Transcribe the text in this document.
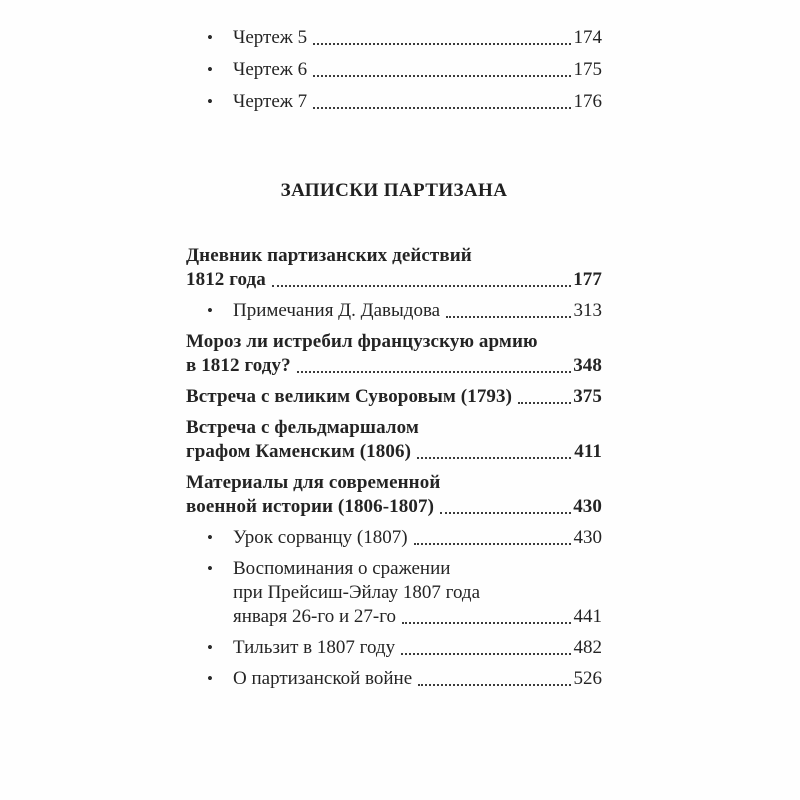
•	Чертеж 5	174
•	Чертеж 6	175
•	Чертеж 7	176
ЗАПИСКИ ПАРТИЗАНА
Дневник партизанских действий
1812 года	177
•	Примечания Д. Давыдова	313
Мороз ли истребил французскую армию
в 1812 году?	348
Встреча с великим Суворовым (1793)	375
Встреча с фельдмаршалом
графом Каменским (1806)	411
Материалы для современной
военной истории (1806-1807)	430
•	Урок сорванцу (1807)	430
•	Воспоминания о сражении
при Прейсиш-Эйлау 1807 года
января 26-го и 27-го	441
•	Тильзит в 1807 году	482
•	О партизанской войне	526
